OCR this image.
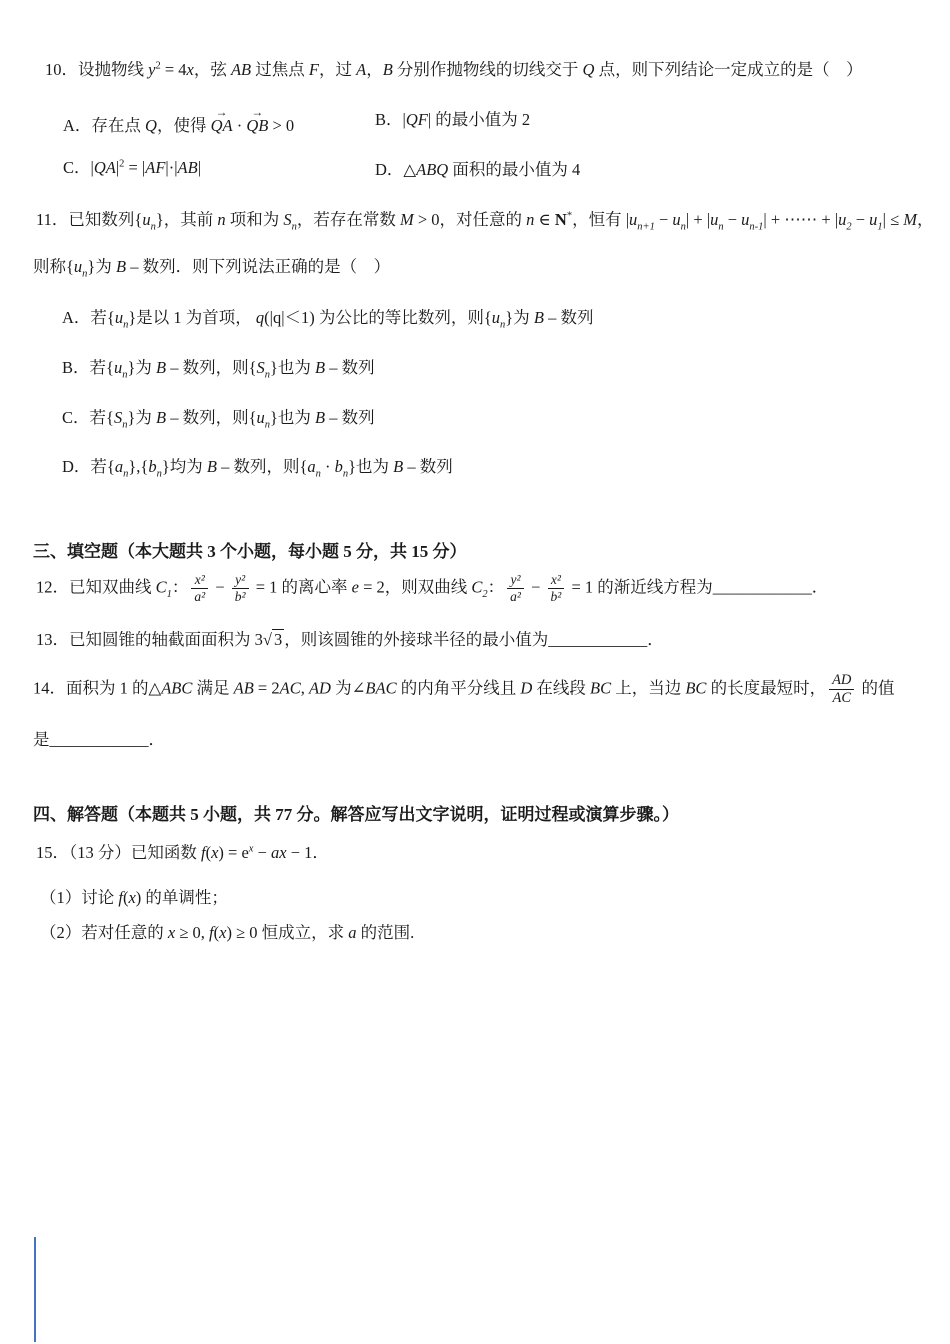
10．设抛物线 $y^2 = 4x$，弦 AB 过焦点 F，过 A，B 分别作抛物线的切线交于 Q 点，则下列结论一定成立的是（　）
A．存在点 Q，使得 QA → · QB → > 0	B．|QF| 的最小值为 2
C．$|QA|^2 = |AF|\cdot|AB|$	D．△ABQ 面积的最小值为 4
11．已知数列$\{u_n\}$，其前 n 项和为 $S_n$，若存在常数 M > 0，对任意的 n ∈ N*，恒有 $|u_{n+1} - u_n| + |u_n - u_{n-1}|$ + ⋯⋯ + $|u_2 - u_1| \le M$，
则称$\{u_n\}$为 B – 数列．则下列说法正确的是（　）
A．若$\{u_n\}$是以 1 为首项， q(|q|＜1) 为公比的等比数列，则$\{u_n\}$为 B – 数列
B．若$\{u_n\}$为 B – 数列，则$\{S_n\}$也为 B – 数列
C．若$\{S_n\}$为 B – 数列，则$\{u_n\}$也为 B – 数列
D．若$\{a_n\},\{b_n\}$均为 B – 数列，则$\{a_n \cdot b_n\}$也为 B – 数列
三、填空题（本大题共 3 个小题，每小题 5 分，共 15 分）
12．已知双曲线 $C_1$： $\frac{\text{x²}}{\text{a²}} - \frac{\text{y²}}{\text{b²}} = 1$ 的离心率 e = 2，则双曲线 $C_2$： $\frac{\text{y²}}{\text{a²}} - \frac{\text{x²}}{\text{b²}} = 1$ 的渐近线方程为____________．
13．已知圆锥的轴截面面积为 3√ 3 ，则该圆锥的外接球半径的最小值为____________．
14．面积为 1 的△ABC 满足 AB = 2AC, AD 为∠BAC 的内角平分线且 D 在线段 BC 上，当边 BC 的长度最短时， $\frac{AD}{AC}$ 的值
是____________．
四、解答题（本题共 5 小题，共 77 分。解答应写出文字说明，证明过程或演算步骤。）
15．（13 分）已知函数 $f(x) = e^x$ − ax − 1．
（1）讨论 f(x) 的单调性；
（2）若对任意的 x ≥ 0, f(x) ≥ 0 恒成立，求 a 的范围.
